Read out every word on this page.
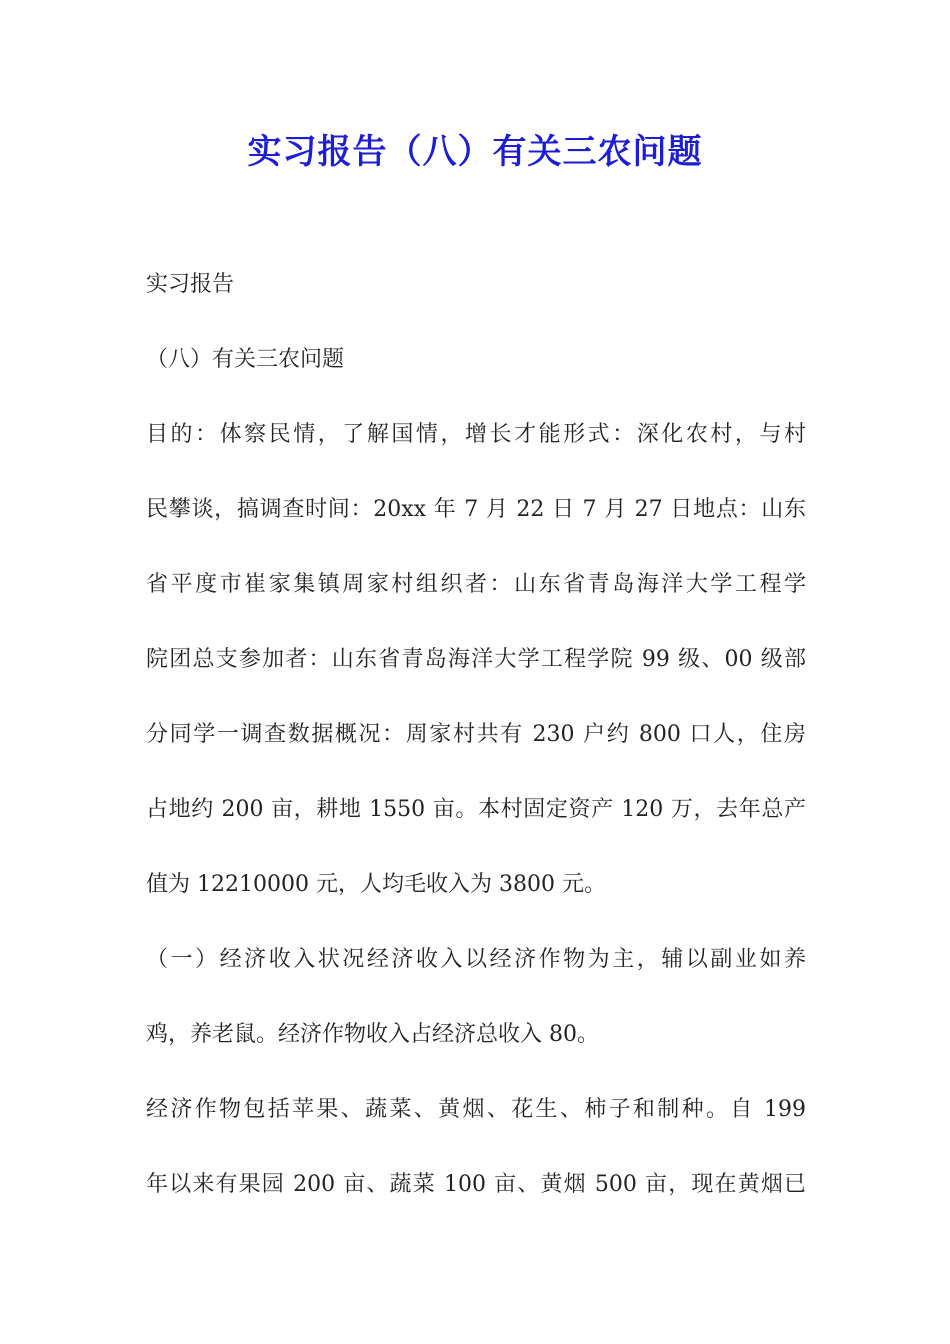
实习报告（八）有关三农问题
实习报告
（八）有关三农问题
目的：体察民情，了解国情，增长才能形式：深化农村，与村
民攀谈，搞调查时间：20xx 年 7 月 22 日 7 月 27 日地点：山东
省平度市崔家集镇周家村组织者：山东省青岛海洋大学工程学
院团总支参加者：山东省青岛海洋大学工程学院 99 级、00 级部
分同学一调查数据概况：周家村共有 230 户约 800 口人，住房
占地约 200 亩，耕地 1550 亩。本村固定资产 120 万，去年总产
值为 12210000 元，人均毛收入为 3800 元。
（一）经济收入状况经济收入以经济作物为主，辅以副业如养
鸡，养老鼠。经济作物收入占经济总收入 80。
经济作物包括苹果、蔬菜、黄烟、花生、柿子和制种。自 199
年以来有果园 200 亩、蔬菜 100 亩、黄烟 500 亩，现在黄烟已
